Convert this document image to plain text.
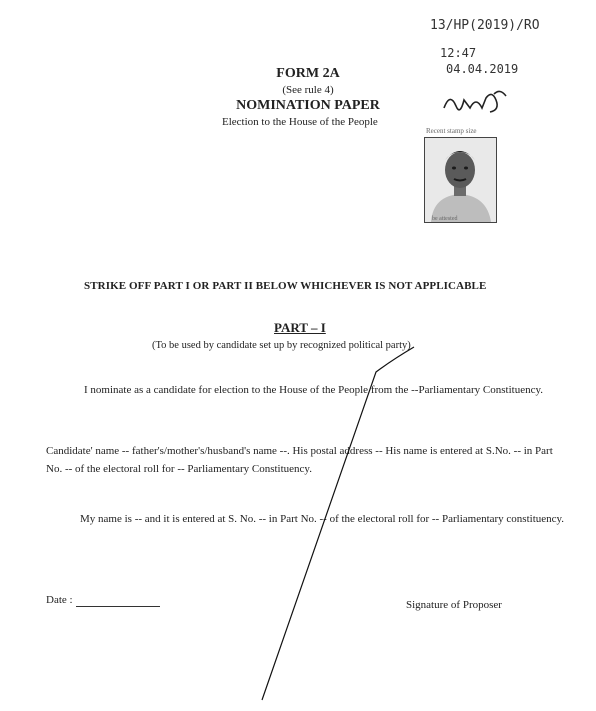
13/HP(2019)/RO
12:47
04.04.2019
FORM 2A
(See rule 4)
NOMINATION PAPER
Election to the House of the People
Recent stamp size
be attested
STRIKE OFF PART I OR PART II BELOW WHICHEVER IS NOT APPLICABLE
PART – I
(To be used by candidate set up by recognized political party)
I nominate as a candidate for election to the House of the People from the --Parliamentary Constituency.
Candidate' name -- father's/mother's/husband's name --. His postal address -- His name is entered at S.No. -- in Part No. -- of the electoral roll for -- Parliamentary Constituency.
My name is -- and it is entered at S. No. -- in Part No. -- of the electoral roll for -- Parliamentary constituency.
Date :	Signature of Proposer
